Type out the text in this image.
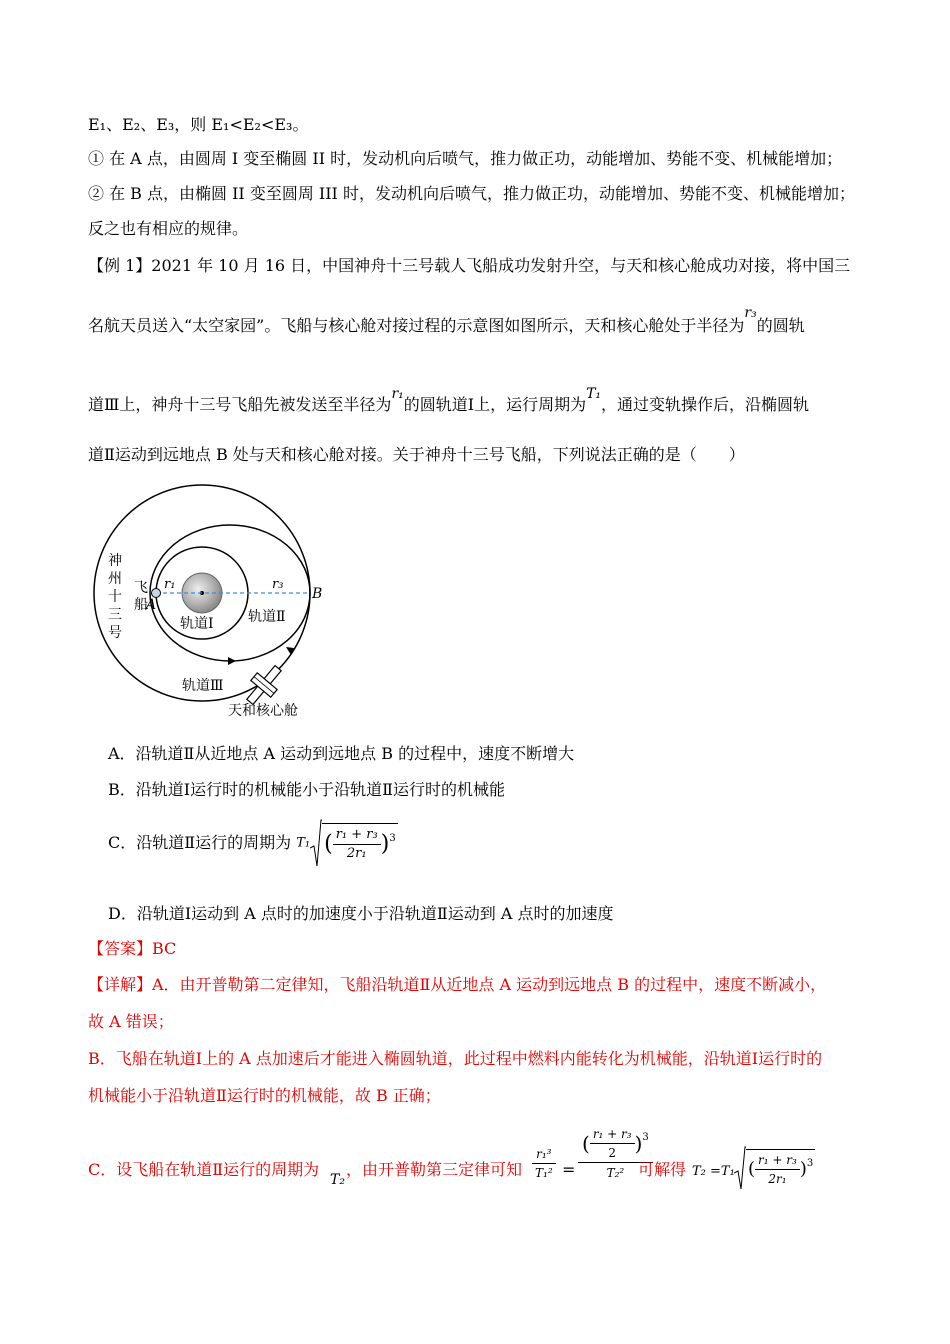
E₁、E₂、E₃，则 E₁<E₂<E₃。
① 在 A 点，由圆周 I 变至椭圆 II 时，发动机向后喷气，推力做正功，动能增加、势能不变、机械能增加；
② 在 B 点，由椭圆 II 变至圆周 III 时，发动机向后喷气，推力做正功，动能增加、势能不变、机械能增加；
反之也有相应的规律。
【例 1】2021 年 10 月 16 日，中国神舟十三号载人飞船成功发射升空，与天和核心舱成功对接，将中国三
名航天员送入“太空家园”。飞船与核心舱对接过程的示意图如图所示，天和核心舱处于半径为r₃的圆轨
道Ⅲ上，神舟十三号飞船先被发送至半径为r₁的圆轨道Ⅰ上，运行周期为T₁，通过变轨操作后，沿椭圆轨
道Ⅱ运动到远地点 B 处与天和核心舱对接。关于神舟十三号飞船，下列说法正确的是（　　）
神
州
十
三
号
飞
船
A
B
r₁	r₃
轨道Ⅰ 轨道Ⅱ
轨道Ⅲ
天和核心舱
A．沿轨道Ⅱ从近地点 A 运动到远地点 B 的过程中，速度不断增大
B．沿轨道Ⅰ运行时的机械能小于沿轨道Ⅱ运行时的机械能
C．沿轨道Ⅱ运行的周期为 T₁ ( $\frac{\text{r₁ + r₃}}{\text{2r₁}} )^3$
D．沿轨道Ⅰ运动到 A 点时的加速度小于沿轨道Ⅱ运动到 A 点时的加速度
【答案】BC
【详解】A．由开普勒第二定律知，飞船沿轨道Ⅱ从近地点 A 运动到远地点 B 的过程中，速度不断减小，
故 A 错误；
B．飞船在轨道Ⅰ上的 A 点加速后才能进入椭圆轨道，此过程中燃料内能转化为机械能，沿轨道Ⅰ运行时的
机械能小于沿轨道Ⅱ运行时的机械能，故 B 正确；
C．设飞船在轨道Ⅱ运行的周期为
T₂
，由开普勒第三定律可知 $\frac{\text{r₁³}}{\text{T₁²}} = \frac{( \frac{\text{r₁ + r₃}}{2} )^3}{\text{T₂²}}$
可解得 T₂ =T₁ ( $\frac{\text{r₁ + r₃}}{\text{2r₁}} )^3$
